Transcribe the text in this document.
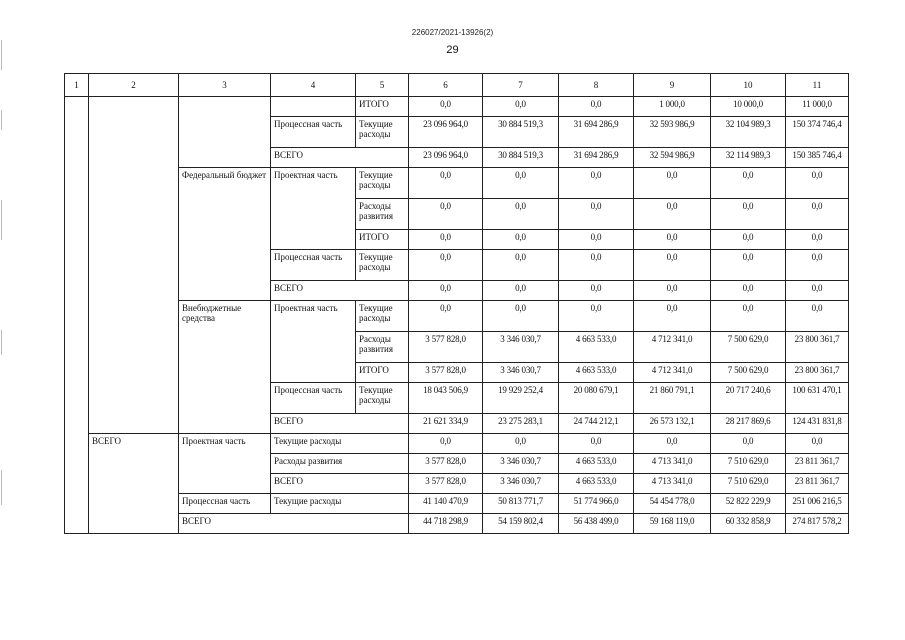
226027/2021-13926(2)
29
1	2	3	4	5	6	7	8	9	10	11
				ИТОГО	0,0	0,0	0,0	1 000,0	10 000,0	11 000,0
			Процессная часть	Текущие расходы	23 096 964,0	30 884 519,3	31 694 286,9	32 593 986,9	32 104 989,3	150 374 746,4
			ВСЕГО		23 096 964,0	30 884 519,3	31 694 286,9	32 594 986,9	32 114 989,3	150 385 746,4
		Федеральный бюджет	Проектная часть	Текущие расходы	0,0	0,0	0,0	0,0	0,0	0,0
				Расходы развития	0,0	0,0	0,0	0,0	0,0	0,0
				ИТОГО	0,0	0,0	0,0	0,0	0,0	0,0
			Процессная часть	Текущие расходы	0,0	0,0	0,0	0,0	0,0	0,0
			ВСЕГО		0,0	0,0	0,0	0,0	0,0	0,0
		Внебюджетные средства	Проектная часть	Текущие расходы	0,0	0,0	0,0	0,0	0,0	0,0
				Расходы развития	3 577 828,0	3 346 030,7	4 663 533,0	4 712 341,0	7 500 629,0	23 800 361,7
				ИТОГО	3 577 828,0	3 346 030,7	4 663 533,0	4 712 341,0	7 500 629,0	23 800 361,7
			Процессная часть	Текущие расходы	18 043 506,9	19 929 252,4	20 080 679,1	21 860 791,1	20 717 240,6	100 631 470,1
			ВСЕГО		21 621 334,9	23 275 283,1	24 744 212,1	26 573 132,1	28 217 869,6	124 431 831,8
	ВСЕГО	Проектная часть	Текущие расходы		0,0	0,0	0,0	0,0	0,0	0,0
			Расходы развития		3 577 828,0	3 346 030,7	4 663 533,0	4 713 341,0	7 510 629,0	23 811 361,7
			ВСЕГО		3 577 828,0	3 346 030,7	4 663 533,0	4 713 341,0	7 510 629,0	23 811 361,7
		Процессная часть	Текущие расходы		41 140 470,9	50 813 771,7	51 774 966,0	54 454 778,0	52 822 229,9	251 006 216,5
		ВСЕГО			44 718 298,9	54 159 802,4	56 438 499,0	59 168 119,0	60 332 858,9	274 817 578,2
